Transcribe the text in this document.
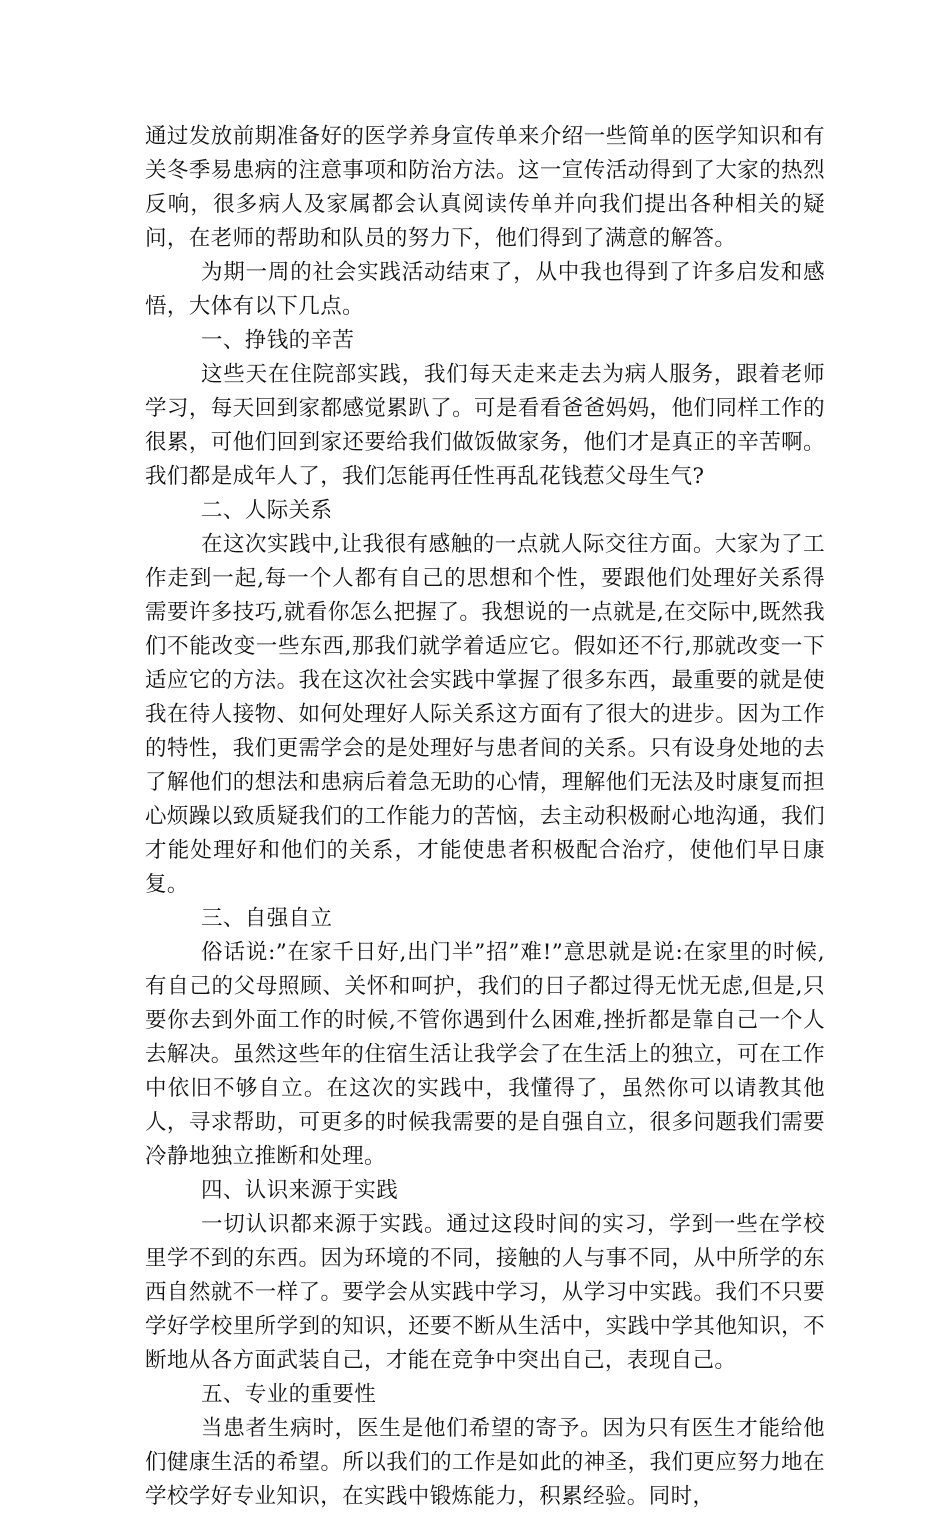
通过发放前期准备好的医学养身宣传单来介绍一些简单的医学知识和有关冬季易患病的注意事项和防治方法。这一宣传活动得到了大家的热烈反响，很多病人及家属都会认真阅读传单并向我们提出各种相关的疑问，在老师的帮助和队员的努力下，他们得到了满意的解答。

为期一周的社会实践活动结束了，从中我也得到了许多启发和感悟，大体有以下几点。

一、挣钱的辛苦

这些天在住院部实践，我们每天走来走去为病人服务，跟着老师学习，每天回到家都感觉累趴了。可是看看爸爸妈妈，他们同样工作的很累，可他们回到家还要给我们做饭做家务，他们才是真正的辛苦啊。我们都是成年人了，我们怎能再任性再乱花钱惹父母生气?

二、人际关系

在这次实践中,让我很有感触的一点就人际交往方面。大家为了工作走到一起,每一个人都有自己的思想和个性，要跟他们处理好关系得需要许多技巧,就看你怎么把握了。我想说的一点就是,在交际中,既然我们不能改变一些东西,那我们就学着适应它。假如还不行,那就改变一下适应它的方法。我在这次社会实践中掌握了很多东西，最重要的就是使我在待人接物、如何处理好人际关系这方面有了很大的进步。因为工作的特性，我们更需学会的是处理好与患者间的关系。只有设身处地的去了解他们的想法和患病后着急无助的心情，理解他们无法及时康复而担心烦躁以致质疑我们的工作能力的苦恼，去主动积极耐心地沟通，我们才能处理好和他们的关系，才能使患者积极配合治疗，使他们早日康复。

三、自强自立

俗话说:”在家千日好,出门半”招”难!”意思就是说:在家里的时候,有自己的父母照顾、关怀和呵护，我们的日子都过得无忧无虑,但是,只要你去到外面工作的时候,不管你遇到什么困难,挫折都是靠自己一个人去解决。虽然这些年的住宿生活让我学会了在生活上的独立，可在工作中依旧不够自立。在这次的实践中，我懂得了，虽然你可以请教其他人，寻求帮助，可更多的时候我需要的是自强自立，很多问题我们需要冷静地独立推断和处理。

四、认识来源于实践

一切认识都来源于实践。通过这段时间的实习，学到一些在学校里学不到的东西。因为环境的不同，接触的人与事不同，从中所学的东西自然就不一样了。要学会从实践中学习，从学习中实践。我们不只要学好学校里所学到的知识，还要不断从生活中，实践中学其他知识，不断地从各方面武装自己，才能在竞争中突出自己，表现自己。

五、专业的重要性

当患者生病时，医生是他们希望的寄予。因为只有医生才能给他们健康生活的希望。所以我们的工作是如此的神圣，我们更应努力地在学校学好专业知识，在实践中锻炼能力，积累经验。同时，
